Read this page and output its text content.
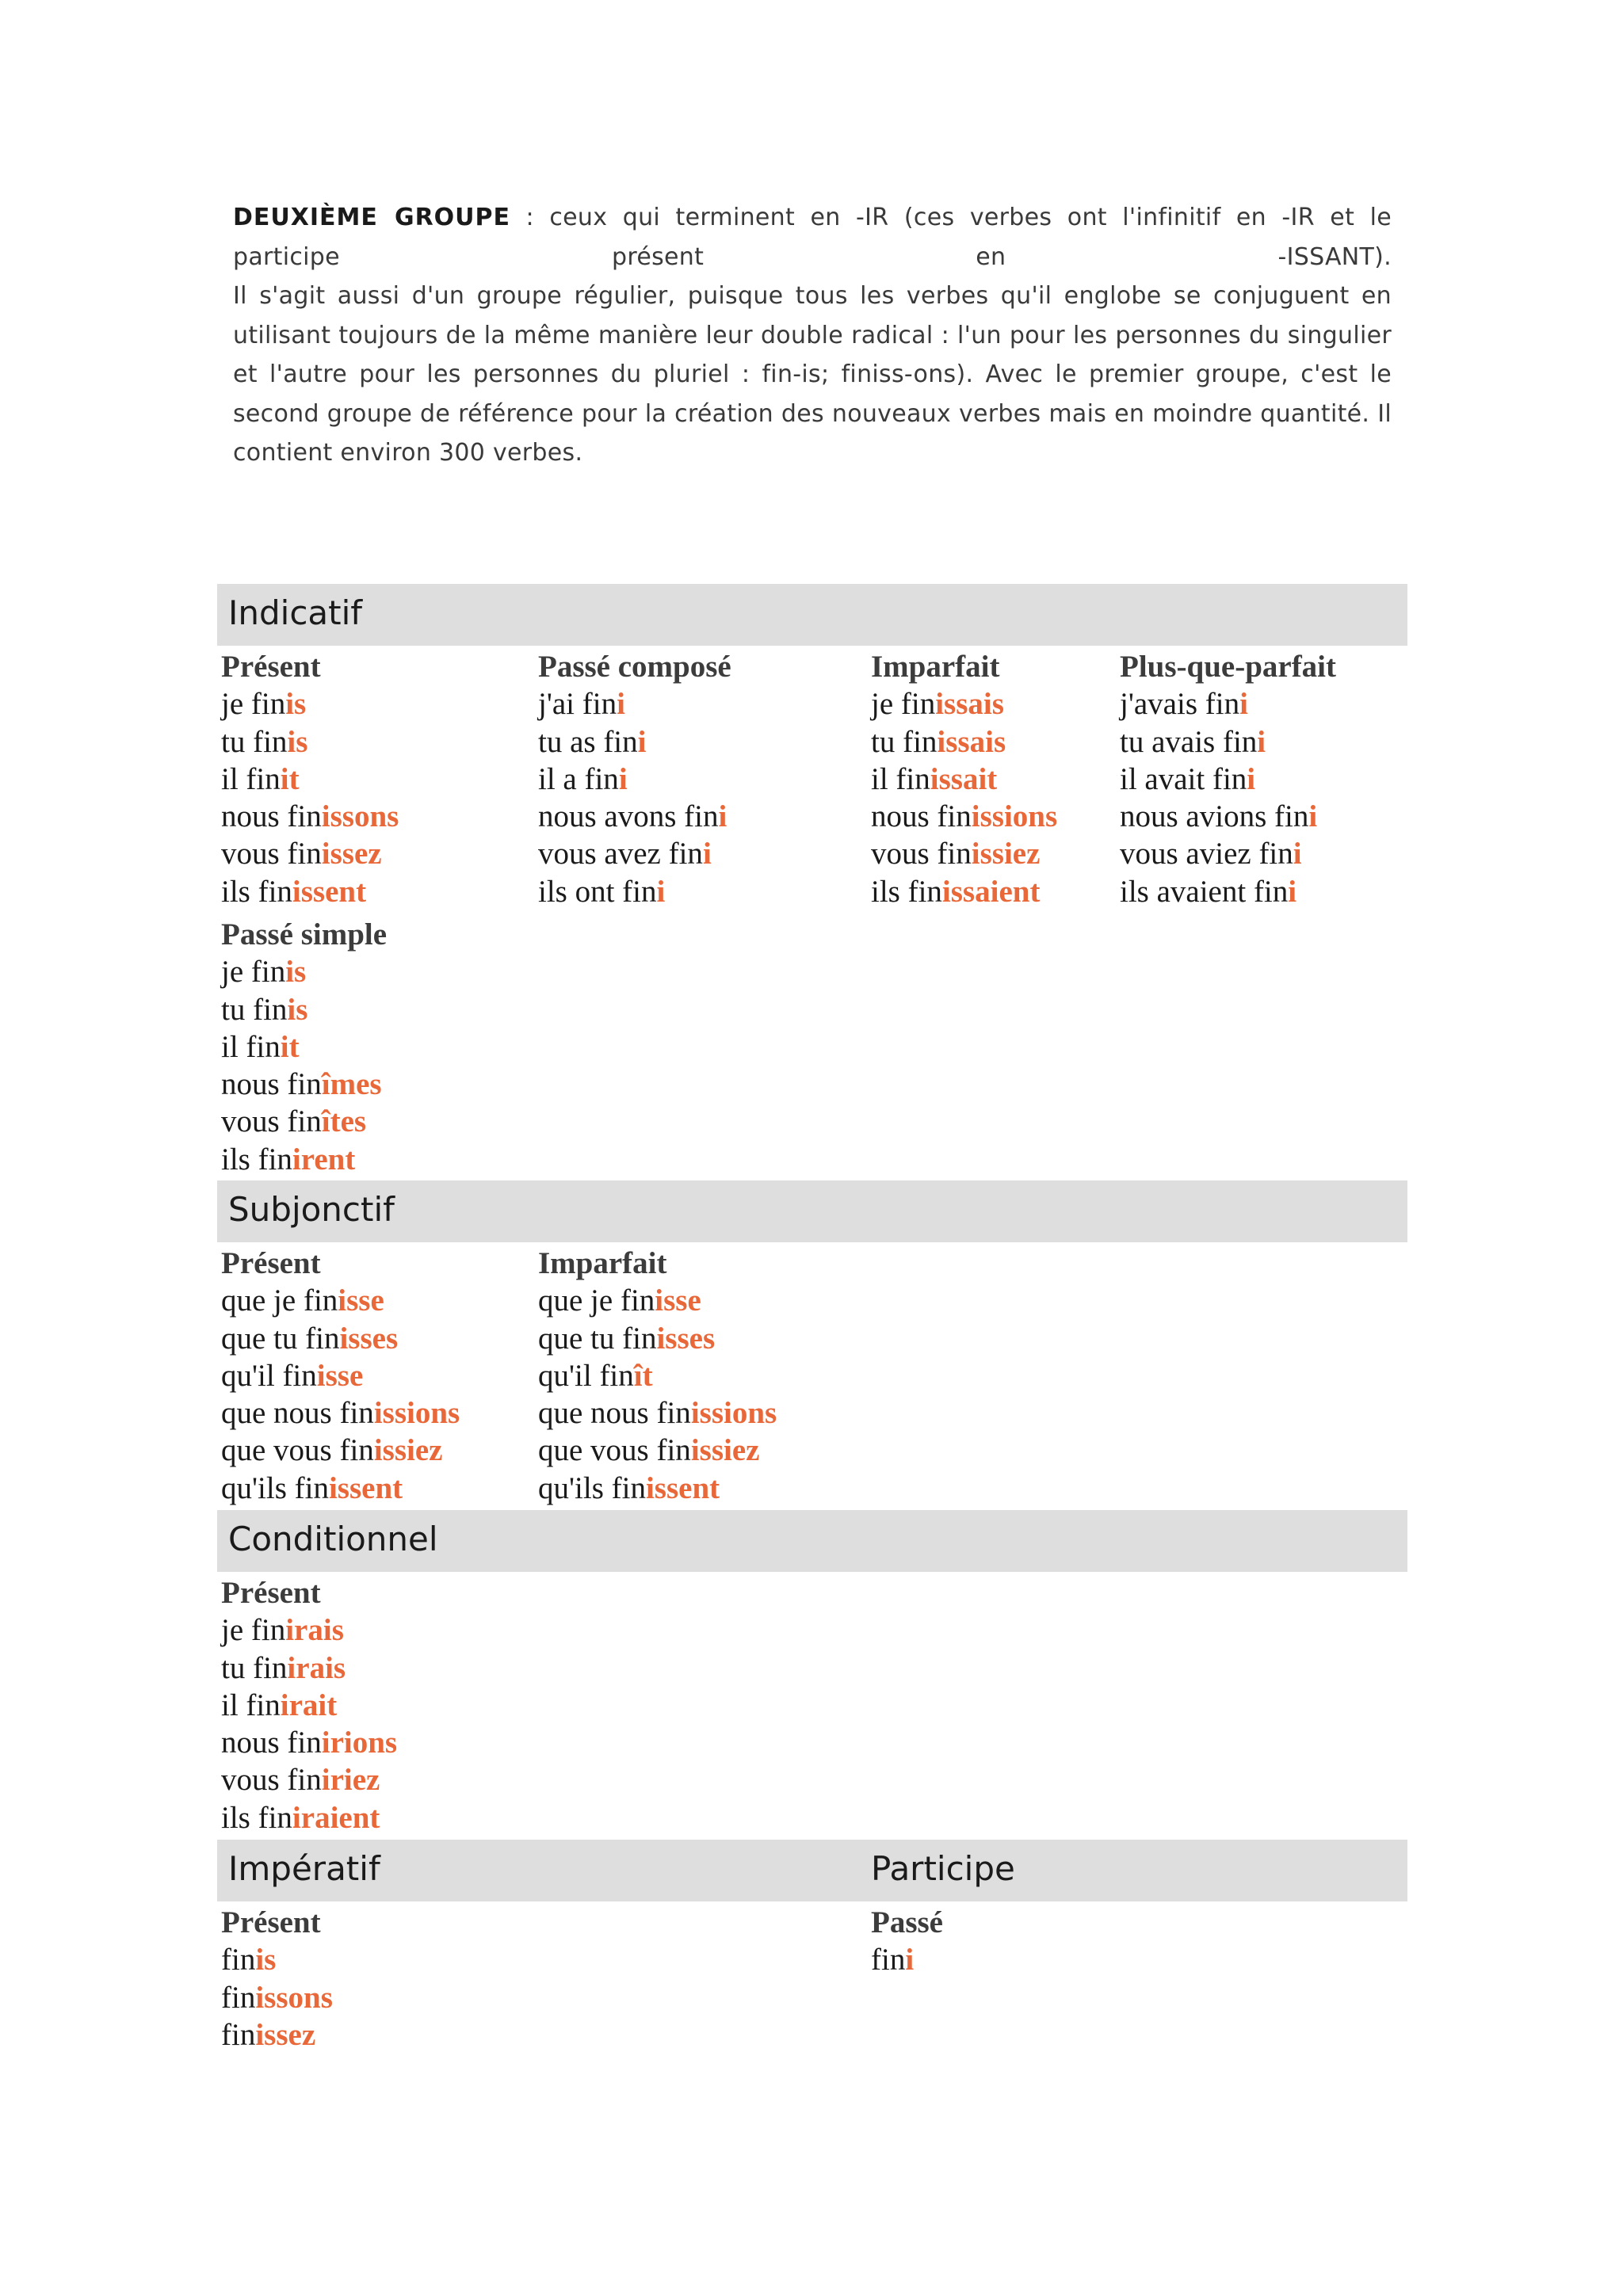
DEUXIÈME GROUPE : ceux qui terminent en -IR (ces verbes ont l'infinitif en -IR et le
participe présent en -ISSANT).
Il s'agit aussi d'un groupe régulier, puisque tous les verbes qu'il englobe se conjuguent en utilisant toujours de la même manière leur double radical : l'un pour les personnes du singulier et l'autre pour les personnes du pluriel : fin-is; finiss-ons). Avec le premier groupe, c'est le second groupe de référence pour la création des nouveaux verbes mais en moindre quantité. Il contient environ 300 verbes.
Indicatif
Présent
je finis
tu finis
il finit
nous finissons
vous finissez
ils finissent
Passé composé
j'ai fini
tu as fini
il a fini
nous avons fini
vous avez fini
ils ont fini
Imparfait
je finissais
tu finissais
il finissait
nous finissions
vous finissiez
ils finissaient
Plus-que-parfait
j'avais fini
tu avais fini
il avait fini
nous avions fini
vous aviez fini
ils avaient fini
Passé simple
je finis
tu finis
il finit
nous finîmes
vous finîtes
ils finirent
Subjonctif
Présent
que je finisse
que tu finisses
qu'il finisse
que nous finissions
que vous finissiez
qu'ils finissent
Imparfait
que je finisse
que tu finisses
qu'il finît
que nous finissions
que vous finissiez
qu'ils finissent
Conditionnel
Présent
je finirais
tu finirais
il finirait
nous finirions
vous finiriez
ils finiraient
Impératif	Participe
Présent
finis
finissons
finissez
Passé
fini
